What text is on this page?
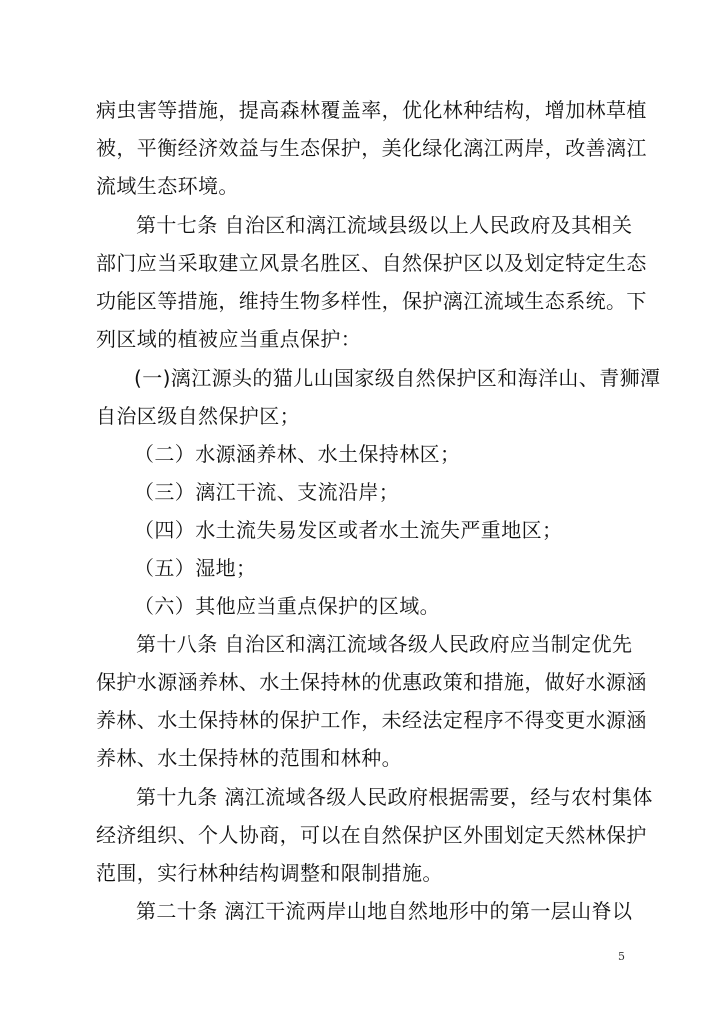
病虫害等措施，提高森林覆盖率，优化林种结构，增加林草植
被，平衡经济效益与生态保护，美化绿化漓江两岸，改善漓江
流域生态环境。
第十七条 自治区和漓江流域县级以上人民政府及其相关
部门应当采取建立风景名胜区、自然保护区以及划定特定生态
功能区等措施，维持生物多样性，保护漓江流域生态系统。下
列区域的植被应当重点保护：
(一)漓江源头的猫儿山国家级自然保护区和海洋山、青狮潭
自治区级自然保护区；
（二）水源涵养林、水土保持林区；
（三）漓江干流、支流沿岸；
（四）水土流失易发区或者水土流失严重地区；
（五）湿地；
（六）其他应当重点保护的区域。
第十八条 自治区和漓江流域各级人民政府应当制定优先
保护水源涵养林、水土保持林的优惠政策和措施，做好水源涵
养林、水土保持林的保护工作，未经法定程序不得变更水源涵
养林、水土保持林的范围和林种。
第十九条 漓江流域各级人民政府根据需要，经与农村集体
经济组织、个人协商，可以在自然保护区外围划定天然林保护
范围，实行林种结构调整和限制措施。
第二十条 漓江干流两岸山地自然地形中的第一层山脊以
5
